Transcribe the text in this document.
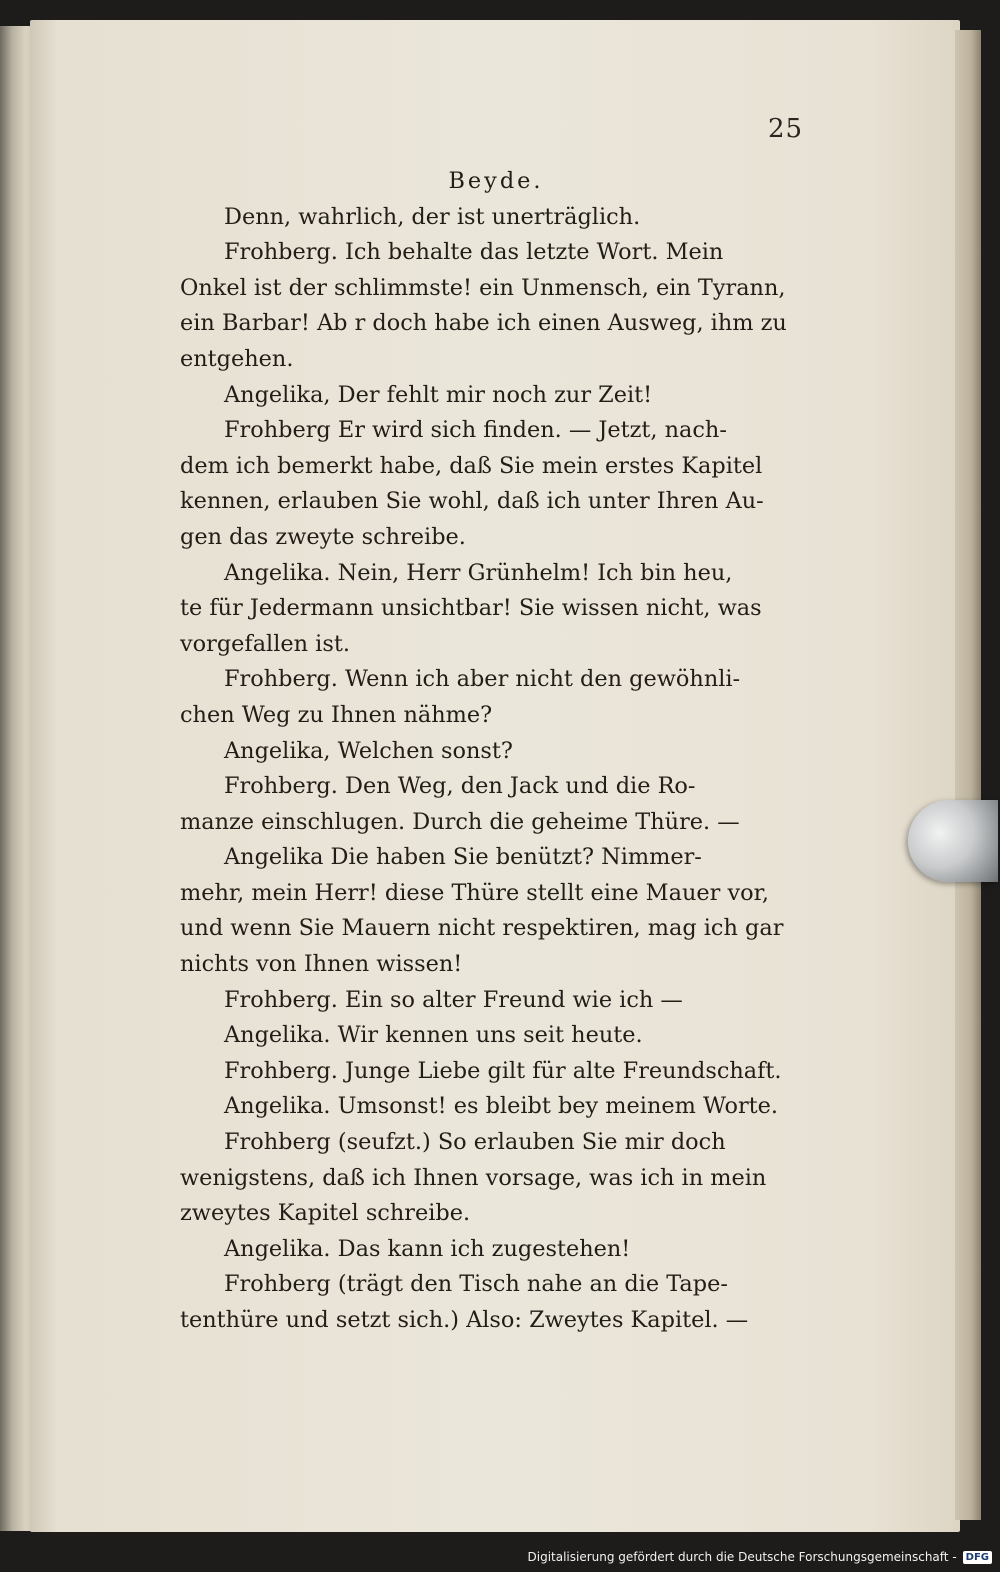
25
Beyde.
Denn, wahrlich, der ist unerträglich.
Frohberg. Ich behalte das letzte Wort. Mein
Onkel ist der schlimmste! ein Unmensch, ein Tyrann,
ein Barbar! Ab r doch habe ich einen Ausweg, ihm zu
entgehen.
Angelika, Der fehlt mir noch zur Zeit!
Frohberg Er wird sich finden. — Jetzt, nach-
dem ich bemerkt habe, daß Sie mein erstes Kapitel
kennen, erlauben Sie wohl, daß ich unter Ihren Au-
gen das zweyte schreibe.
Angelika. Nein, Herr Grünhelm! Ich bin heu,
te für Jedermann unsichtbar! Sie wissen nicht, was
vorgefallen ist.
Frohberg. Wenn ich aber nicht den gewöhnli-
chen Weg zu Ihnen nähme?
Angelika, Welchen sonst?
Frohberg. Den Weg, den Jack und die Ro-
manze einschlugen. Durch die geheime Thüre. —
Angelika Die haben Sie benützt? Nimmer-
mehr, mein Herr! diese Thüre stellt eine Mauer vor,
und wenn Sie Mauern nicht respektiren, mag ich gar
nichts von Ihnen wissen!
Frohberg. Ein so alter Freund wie ich —
Angelika. Wir kennen uns seit heute.
Frohberg. Junge Liebe gilt für alte Freundschaft.
Angelika. Umsonst! es bleibt bey meinem Worte.
Frohberg (seufzt.) So erlauben Sie mir doch
wenigstens, daß ich Ihnen vorsage, was ich in mein
zweytes Kapitel schreibe.
Angelika. Das kann ich zugestehen!
Frohberg (trägt den Tisch nahe an die Tape-
tenthüre und setzt sich.) Also: Zweytes Kapitel. —
Digitalisierung gefördert durch die Deutsche Forschungsgemeinschaft - DFG
